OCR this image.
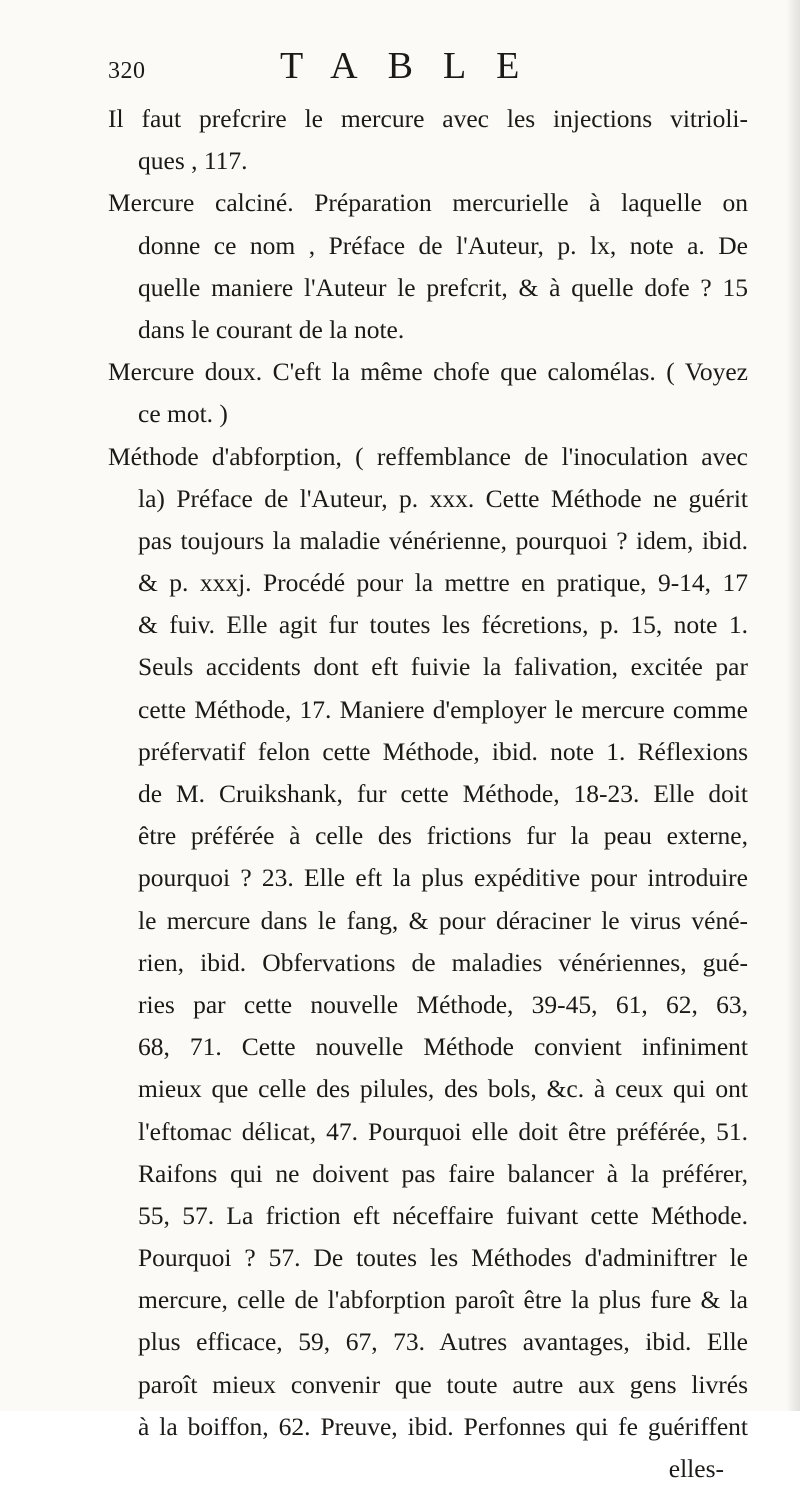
320	TABLE
Il faut prefcrire le mercure avec les injections vitrioli-
ques , 117.
Mercure calciné. Préparation mercurielle à laquelle on
donne ce nom , Préface de l'Auteur, p. lx, note a. De
quelle maniere l'Auteur le prefcrit, & à quelle dofe ? 15
dans le courant de la note.
Mercure doux. C'eft la même chofe que calomélas. ( Voyez
ce mot. )
Méthode d'abforption, ( reffemblance de l'inoculation avec
la) Préface de l'Auteur, p. xxx. Cette Méthode ne guérit
pas toujours la maladie vénérienne, pourquoi ? idem, ibid.
& p. xxxj. Procédé pour la mettre en pratique, 9-14, 17
& fuiv. Elle agit fur toutes les fécretions, p. 15, note 1.
Seuls accidents dont eft fuivie la falivation, excitée par
cette Méthode, 17. Maniere d'employer le mercure comme
préfervatif felon cette Méthode, ibid. note 1. Réflexions
de M. Cruikshank, fur cette Méthode, 18-23. Elle doit
être préférée à celle des frictions fur la peau externe,
pourquoi ? 23. Elle eft la plus expéditive pour introduire
le mercure dans le fang, & pour déraciner le virus véné-
rien, ibid. Obfervations de maladies vénériennes, gué-
ries par cette nouvelle Méthode, 39-45, 61, 62, 63,
68, 71. Cette nouvelle Méthode convient infiniment
mieux que celle des pilules, des bols, &c. à ceux qui ont
l'eftomac délicat, 47. Pourquoi elle doit être préférée, 51.
Raifons qui ne doivent pas faire balancer à la préférer,
55, 57. La friction eft néceffaire fuivant cette Méthode.
Pourquoi ? 57. De toutes les Méthodes d'adminiftrer le
mercure, celle de l'abforption paroît être la plus fure & la
plus efficace, 59, 67, 73. Autres avantages, ibid. Elle
paroît mieux convenir que toute autre aux gens livrés
à la boiffon, 62. Preuve, ibid. Perfonnes qui fe guériffent
elles-
